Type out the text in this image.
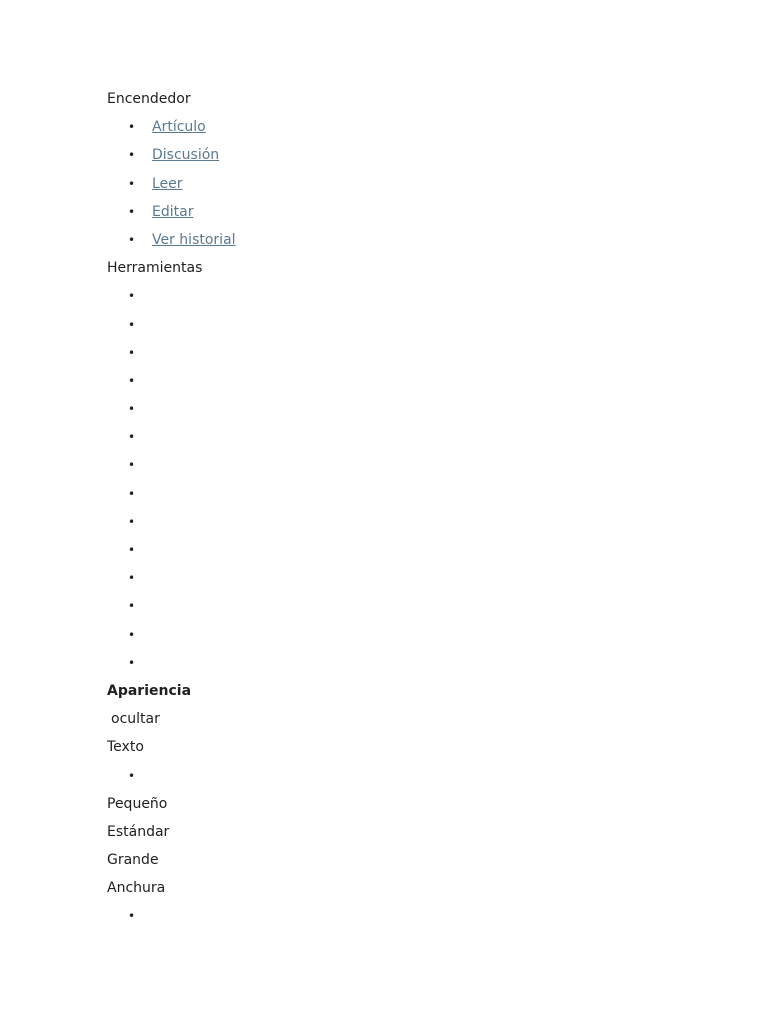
Encendedor
• Artículo
• Discusión
• Leer
• Editar
• Ver historial
Herramientas
•
•
•
•
•
•
•
•
•
•
•
•
•
•
Apariencia
ocultar
Texto
•
Pequeño
Estándar
Grande
Anchura
•
